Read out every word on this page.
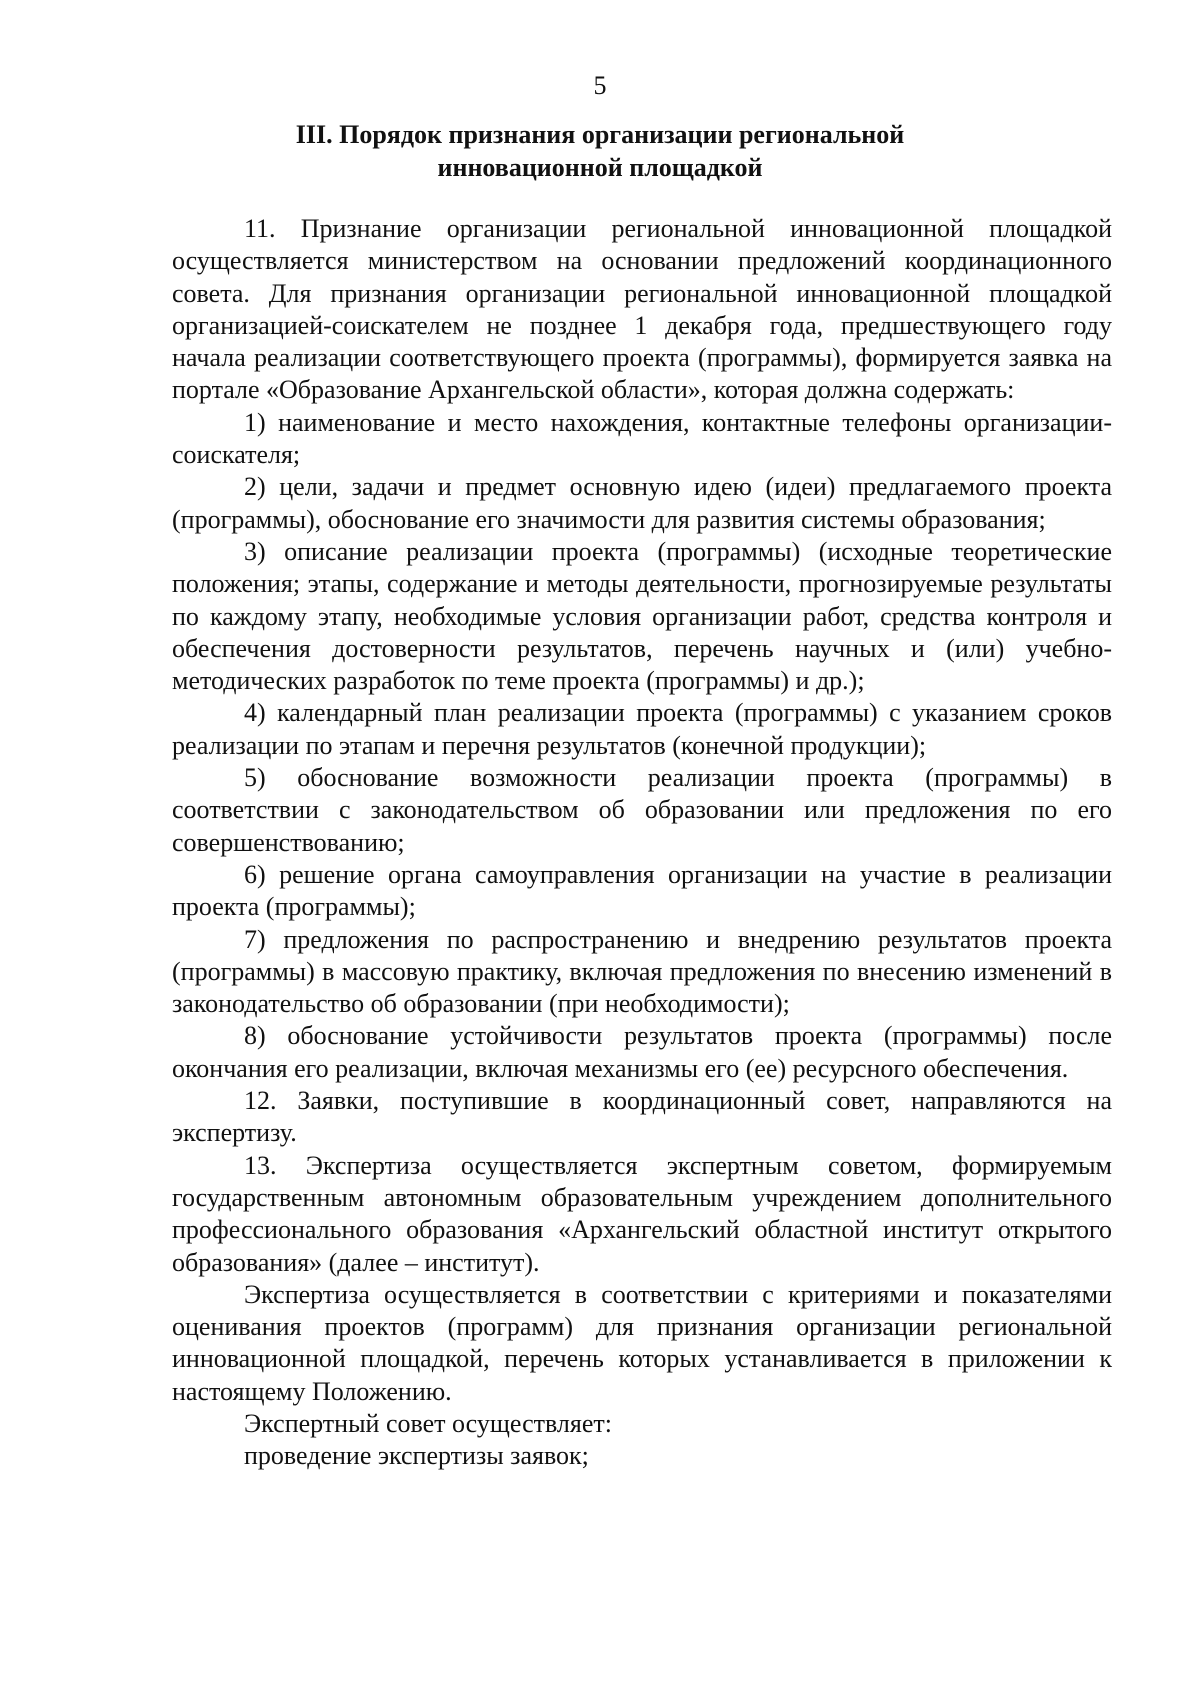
5
III. Порядок признания организации региональной
инновационной площадкой

11. Признание организации региональной инновационной площадкой осуществляется министерством на основании предложений координационного совета. Для признания организации региональной инновационной площадкой организацией-соискателем не позднее 1 декабря года, предшествующего году начала реализации соответствующего проекта (программы), формируется заявка на портале «Образование Архангельской области», которая должна содержать:

1) наименование и место нахождения, контактные телефоны организации-соискателя;

2) цели, задачи и предмет основную идею (идеи) предлагаемого проекта (программы), обоснование его значимости для развития системы образования;

3) описание реализации проекта (программы) (исходные теоретические положения; этапы, содержание и методы деятельности, прогнозируемые результаты по каждому этапу, необходимые условия организации работ, средства контроля и обеспечения достоверности результатов, перечень научных и (или) учебно-методических разработок по теме проекта (программы) и др.);

4) календарный план реализации проекта (программы) с указанием сроков реализации по этапам и перечня результатов (конечной продукции);

5) обоснование возможности реализации проекта (программы) в соответствии с законодательством об образовании или предложения по его совершенствованию;

6) решение органа самоуправления организации на участие в реализации проекта (программы);

7) предложения по распространению и внедрению результатов проекта (программы) в массовую практику, включая предложения по внесению изменений в законодательство об образовании (при необходимости);

8) обоснование устойчивости результатов проекта (программы) после окончания его реализации, включая механизмы его (ее) ресурсного обеспечения.

12. Заявки, поступившие в координационный совет, направляются на экспертизу.

13. Экспертиза осуществляется экспертным советом, формируемым государственным автономным образовательным учреждением дополнительного профессионального образования «Архангельский областной институт открытого образования» (далее – институт).

Экспертиза осуществляется в соответствии с критериями и показателями оценивания проектов (программ) для признания организации региональной инновационной площадкой, перечень которых устанавливается в приложении к настоящему Положению.

Экспертный совет осуществляет:

проведение экспертизы заявок;
